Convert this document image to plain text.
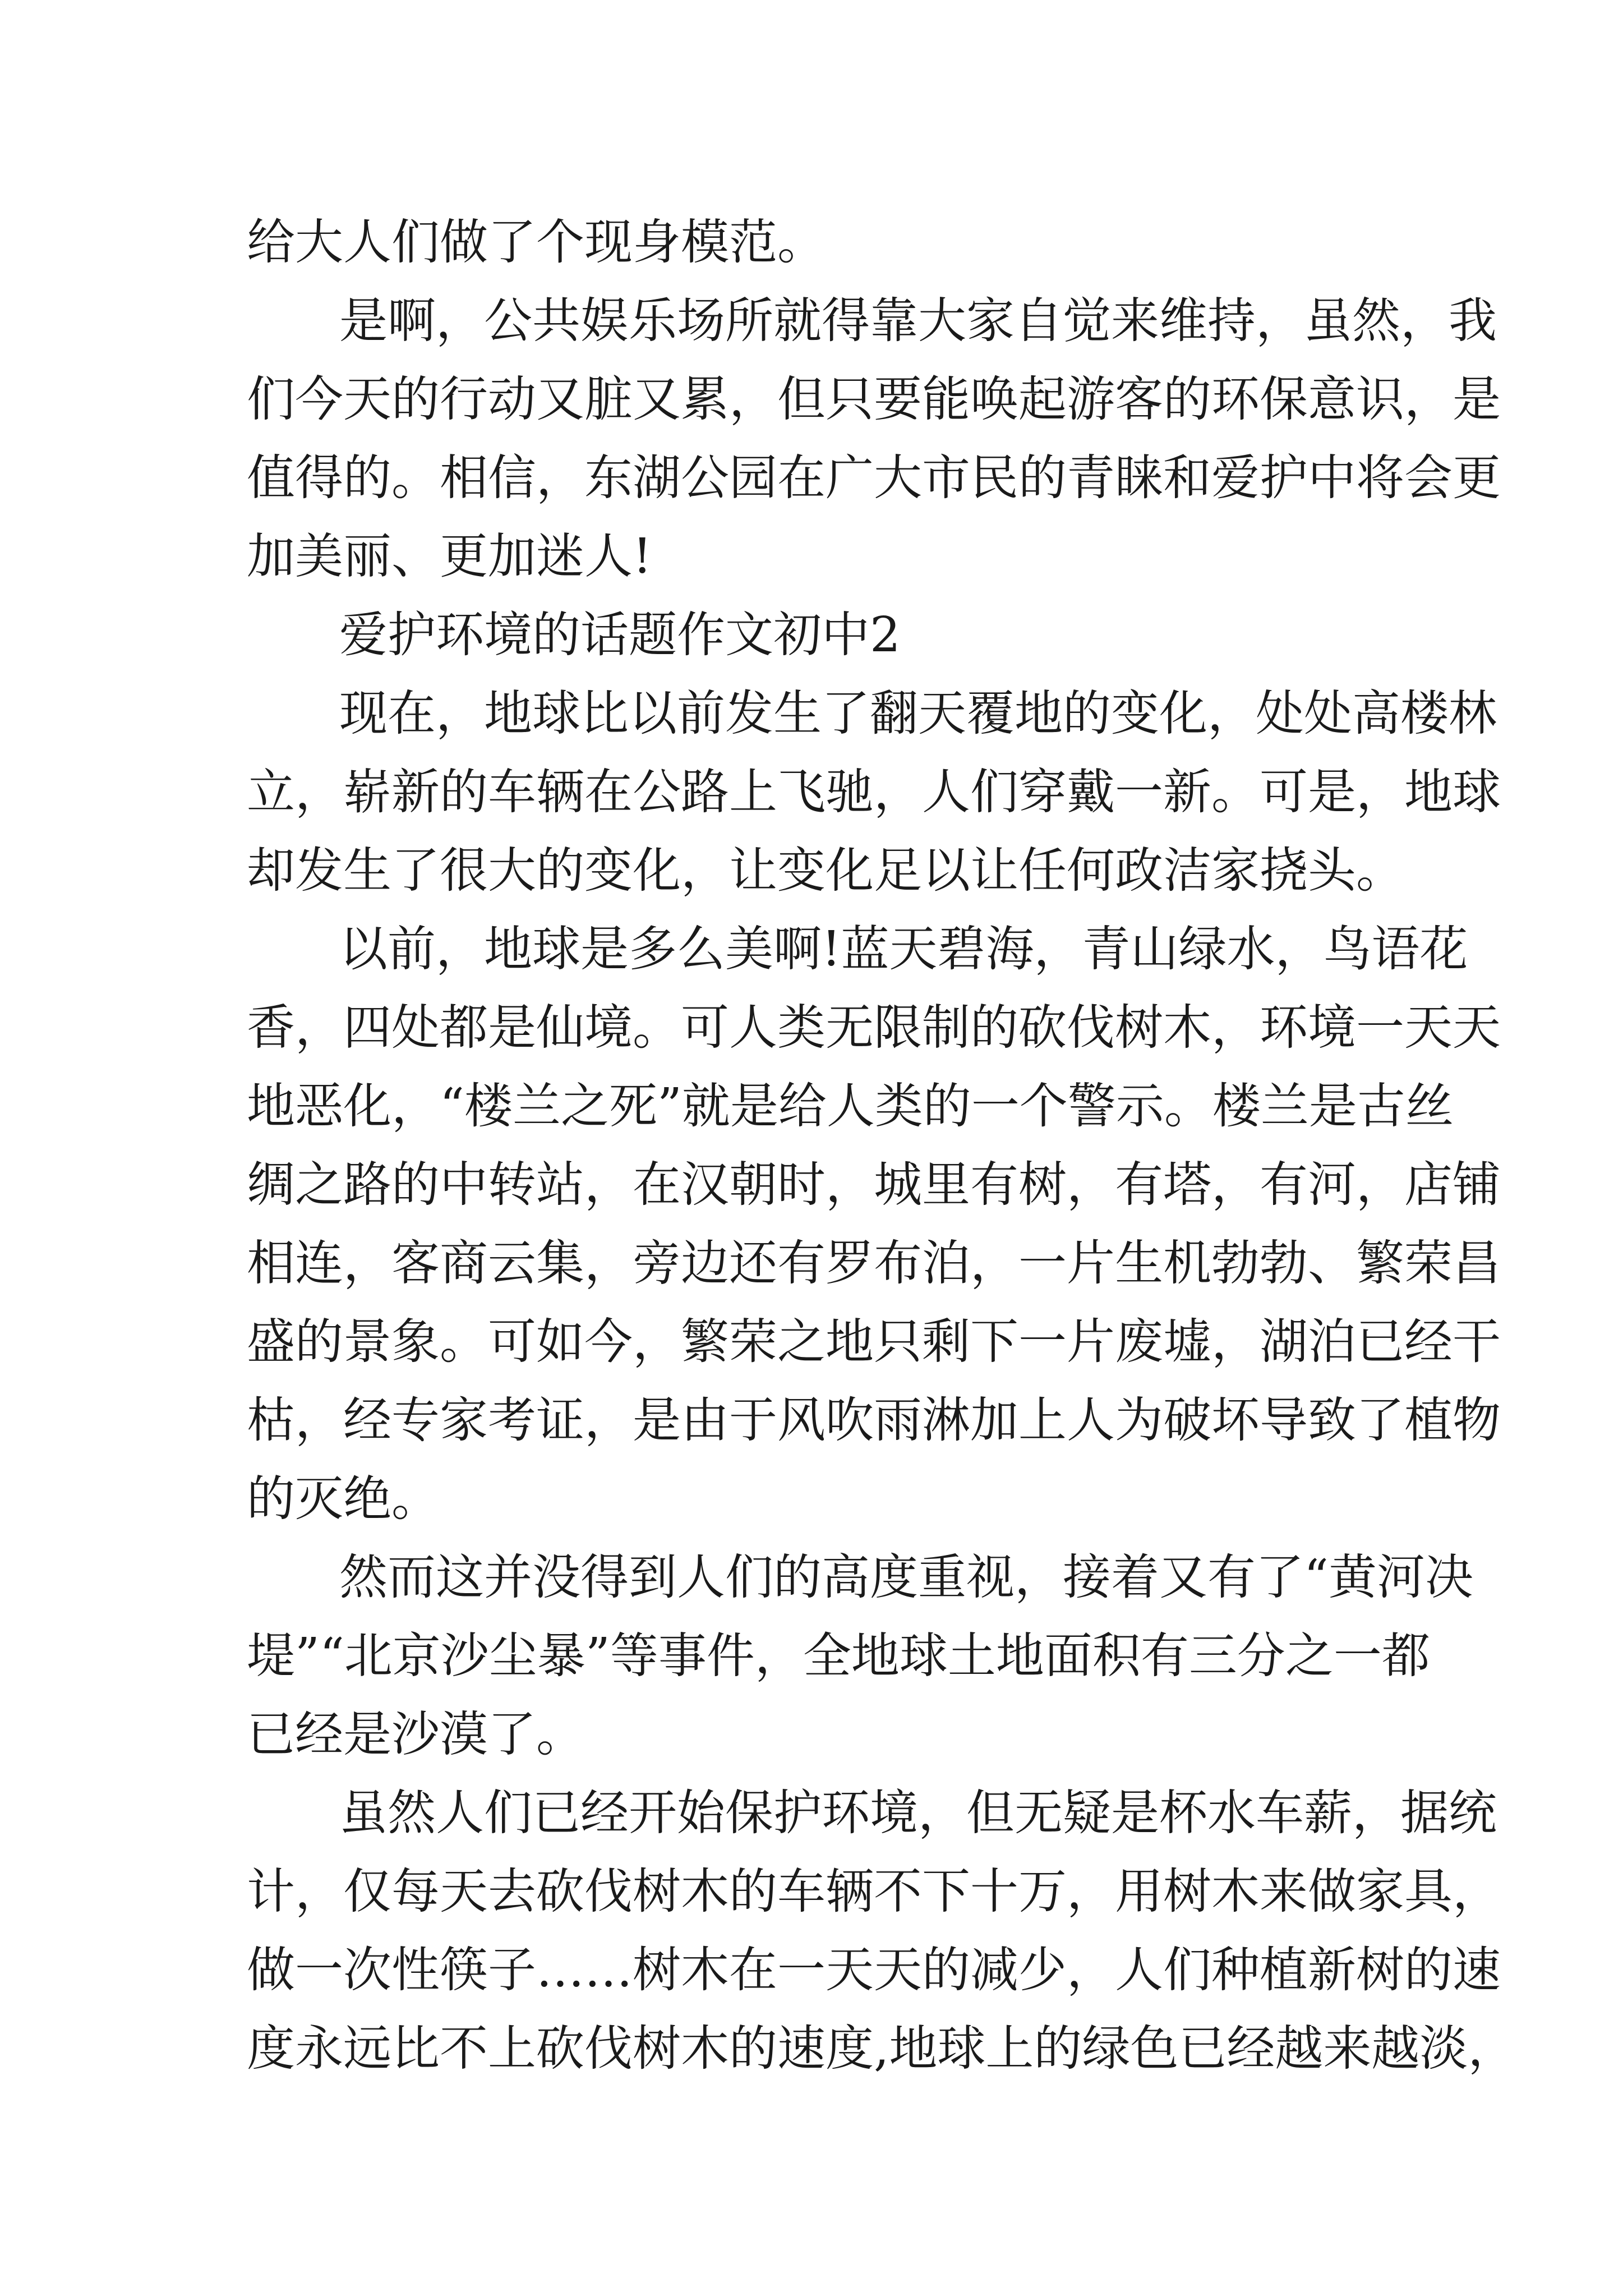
给大人们做了个现身模范。

是啊，公共娱乐场所就得靠大家自觉来维持，虽然，我

们今天的行动又脏又累，但只要能唤起游客的环保意识，是

值得的。相信，东湖公园在广大市民的青睐和爱护中将会更

加美丽、更加迷人!

爱护环境的话题作文初中2

现在，地球比以前发生了翻天覆地的变化，处处高楼林

立，崭新的车辆在公路上飞驰，人们穿戴一新。可是，地球

却发生了很大的变化，让变化足以让任何政洁家挠头。

以前，地球是多么美啊!蓝天碧海，青山绿水，鸟语花

香，四处都是仙境。可人类无限制的砍伐树木，环境一天天

地恶化，“楼兰之死”就是给人类的一个警示。楼兰是古丝

绸之路的中转站，在汉朝时，城里有树，有塔，有河，店铺

相连，客商云集，旁边还有罗布泊，一片生机勃勃、繁荣昌

盛的景象。可如今，繁荣之地只剩下一片废墟，湖泊已经干

枯，经专家考证，是由于风吹雨淋加上人为破坏导致了植物

的灭绝。

然而这并没得到人们的高度重视，接着又有了“黄河决

堤”“北京沙尘暴”等事件，全地球土地面积有三分之一都

已经是沙漠了。

虽然人们已经开始保护环境，但无疑是杯水车薪，据统

计，仅每天去砍伐树木的车辆不下十万，用树木来做家具，

做一次性筷子……树木在一天天的减少，人们种植新树的速

度永远比不上砍伐树木的速度,地球上的绿色已经越来越淡，
